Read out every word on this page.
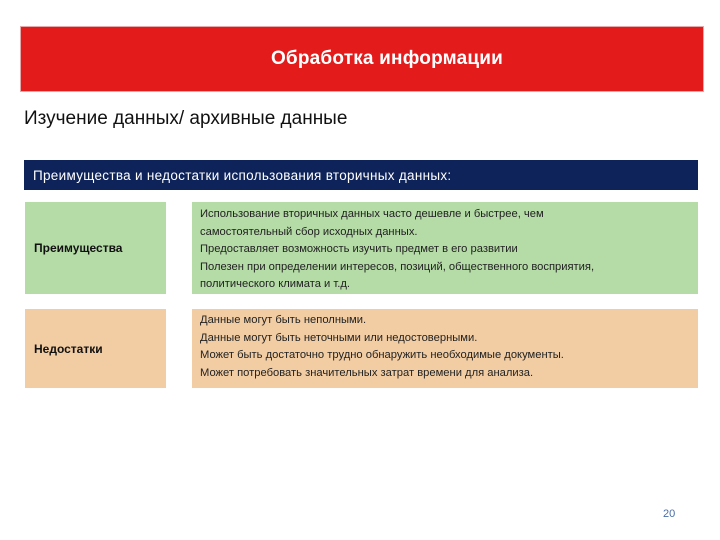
Обработка информации
Изучение данных/ архивные данные
Преимущества и недостатки использования вторичных данных:
Преимущества
Использование вторичных данных часто дешевле и быстрее, чем
самостоятельный сбор исходных данных.
Предоставляет возможность изучить предмет в его развитии
Полезен при определении интересов, позиций, общественного восприятия,
политического климата и т.д.
Недостатки
Данные могут быть неполными.
Данные могут быть неточными или недостоверными.
Может быть достаточно трудно обнаружить необходимые документы.
Может потребовать значительных затрат времени для анализа.
20
